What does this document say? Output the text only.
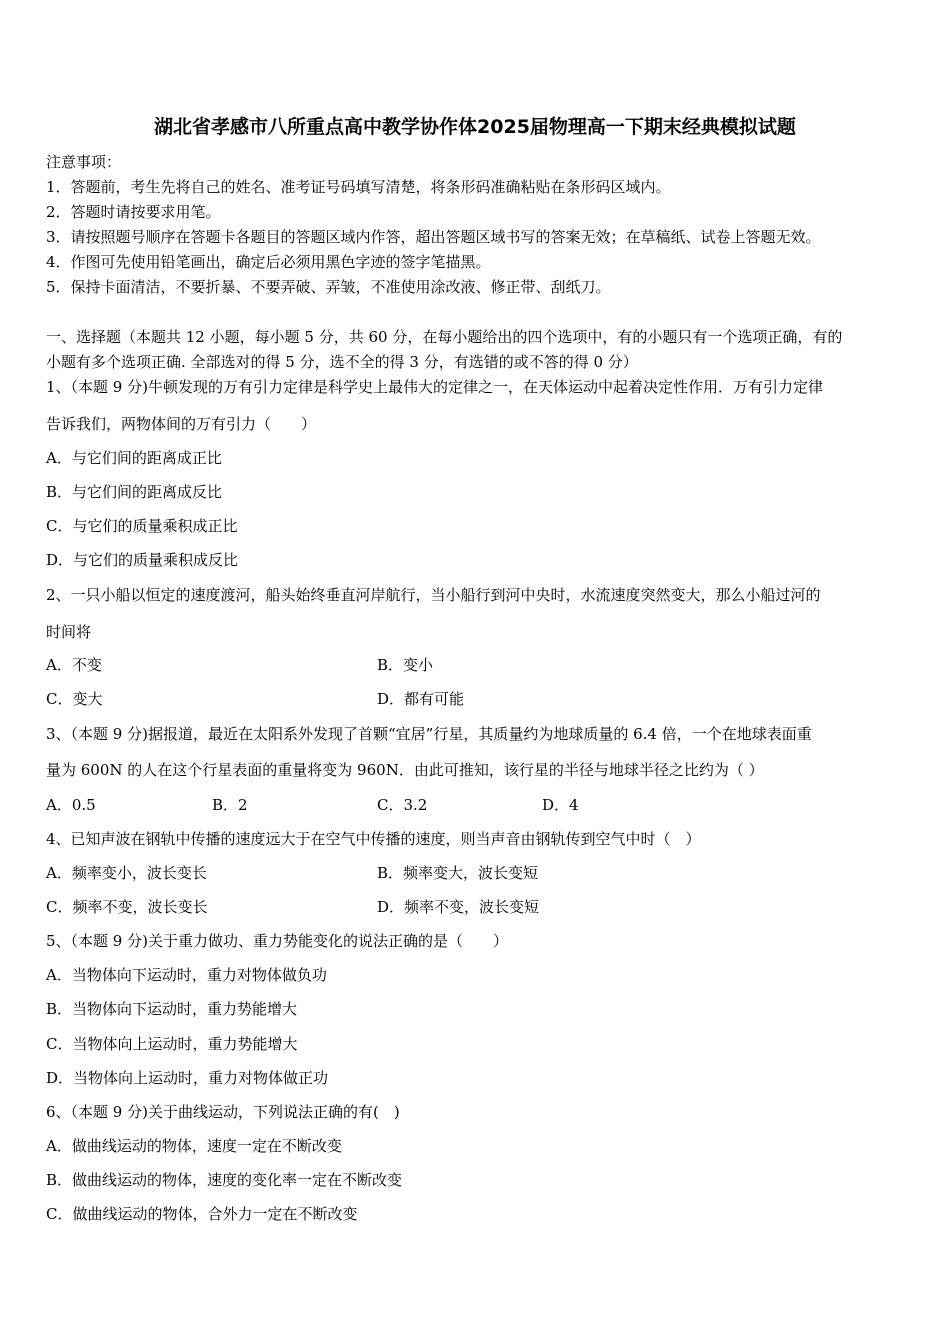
湖北省孝感市八所重点高中教学协作体2025届物理高一下期末经典模拟试题
注意事项：
1．答题前，考生先将自己的姓名、准考证号码填写清楚，将条形码准确粘贴在条形码区域内。
2．答题时请按要求用笔。
3．请按照题号顺序在答题卡各题目的答题区域内作答，超出答题区域书写的答案无效；在草稿纸、试卷上答题无效。
4．作图可先使用铅笔画出，确定后必须用黑色字迹的签字笔描黑。
5．保持卡面清洁，不要折暴、不要弄破、弄皱，不准使用涂改液、修正带、刮纸刀。
一、选择题（本题共 12 小题，每小题 5 分，共 60 分，在每小题给出的四个选项中，有的小题只有一个选项正确，有的
小题有多个选项正确. 全部选对的得 5 分，选不全的得 3 分，有选错的或不答的得 0 分）
1、（本题 9 分)牛顿发现的万有引力定律是科学史上最伟大的定律之一，在天体运动中起着决定性作用．万有引力定律
告诉我们，两物体间的万有引力（　　）
A．与它们间的距离成正比
B．与它们间的距离成反比
C．与它们的质量乘积成正比
D．与它们的质量乘积成反比
2、一只小船以恒定的速度渡河，船头始终垂直河岸航行，当小船行到河中央时，水流速度突然变大，那么小船过河的
时间将
A．不变	B．变小
C．变大	D．都有可能
3、（本题 9 分)据报道，最近在太阳系外发现了首颗“宜居”行星，其质量约为地球质量的 6.4 倍，一个在地球表面重
量为 600N 的人在这个行星表面的重量将变为 960N．由此可推知，该行星的半径与地球半径之比约为（ ）
A．0.5	B．2	C．3.2	D．4
4、已知声波在钢轨中传播的速度远大于在空气中传播的速度，则当声音由钢轨传到空气中时（　）
A．频率变小，波长变长	B．频率变大，波长变短
C．频率不变，波长变长	D．频率不变，波长变短
5、（本题 9 分)关于重力做功、重力势能变化的说法正确的是（　　）
A．当物体向下运动时，重力对物体做负功
B．当物体向下运动时，重力势能增大
C．当物体向上运动时，重力势能增大
D．当物体向上运动时，重力对物体做正功
6、（本题 9 分)关于曲线运动，下列说法正确的有(　)
A．做曲线运动的物体，速度一定在不断改变
B．做曲线运动的物体，速度的变化率一定在不断改变
C．做曲线运动的物体，合外力一定在不断改变
